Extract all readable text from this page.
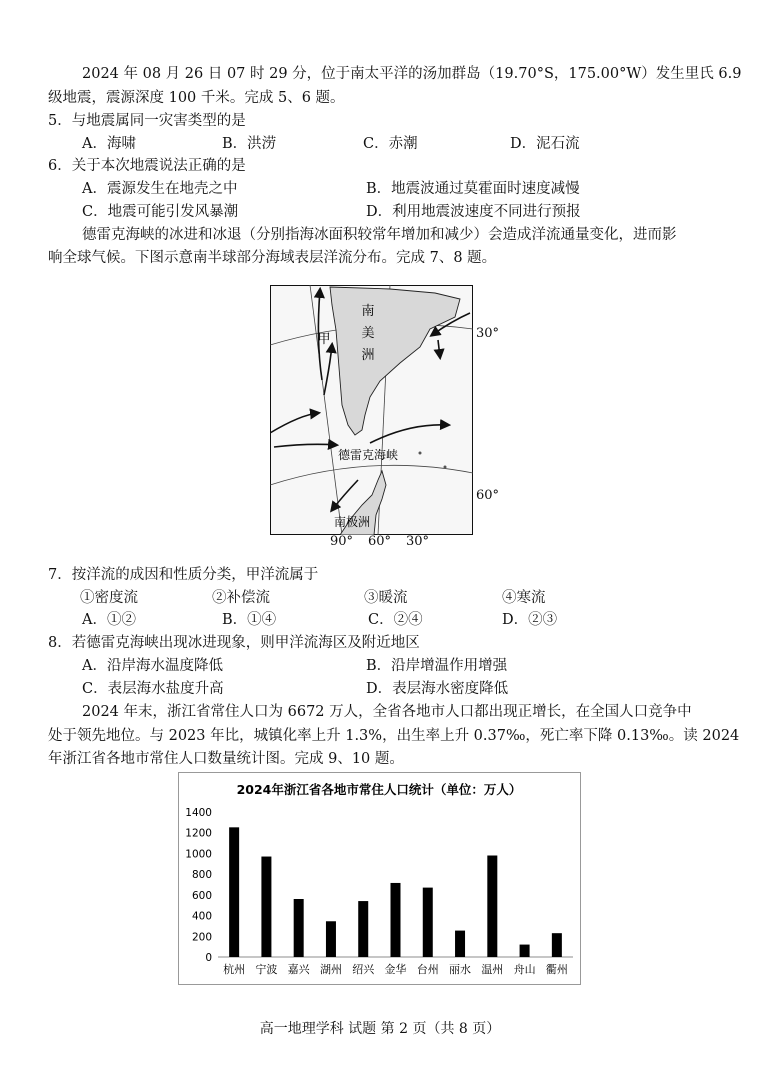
2024 年 08 月 26 日 07 时 29 分，位于南太平洋的汤加群岛（19.70°S，175.00°W）发生里氏 6.9
级地震，震源深度 100 千米。完成 5、6 题。
5．与地震属同一灾害类型的是
A．海啸	B．洪涝	C．赤潮	D．泥石流
6．关于本次地震说法正确的是
A．震源发生在地壳之中	B．地震波通过莫霍面时速度减慢
C．地震可能引发风暴潮	D．利用地震波速度不同进行预报
德雷克海峡的冰进和冰退（分别指海冰面积较常年增加和减少）会造成洋流通量变化，进而影
响全球气候。下图示意南半球部分海域表层洋流分布。完成 7、8 题。
南
美
洲
甲
德雷克海峡
南极洲
30°
60°
90° 60° 30°
7．按洋流的成因和性质分类，甲洋流属于
①密度流	②补偿流	③暖流	④寒流
A．①②	B．①④	C．②④	D．②③
8．若德雷克海峡出现冰进现象，则甲洋流海区及附近地区
A．沿岸海水温度降低	B．沿岸增温作用增强
C．表层海水盐度升高	D．表层海水密度降低
2024 年末，浙江省常住人口为 6672 万人，全省各地市人口都出现正增长，在全国人口竞争中
处于领先地位。与 2023 年比，城镇化率上升 1.3%，出生率上升 0.37‰，死亡率下降 0.13‰。读 2024
年浙江省各地市常住人口数量统计图。完成 9、10 题。
2024年浙江省各地市常住人口统计（单位：万人）
0
200
400
600
800
1000
1200
1400
杭州 宁波 嘉兴 湖州 绍兴 金华 台州 丽水 温州 舟山 衢州
高一地理学科 试题 第 2 页（共 8 页）
